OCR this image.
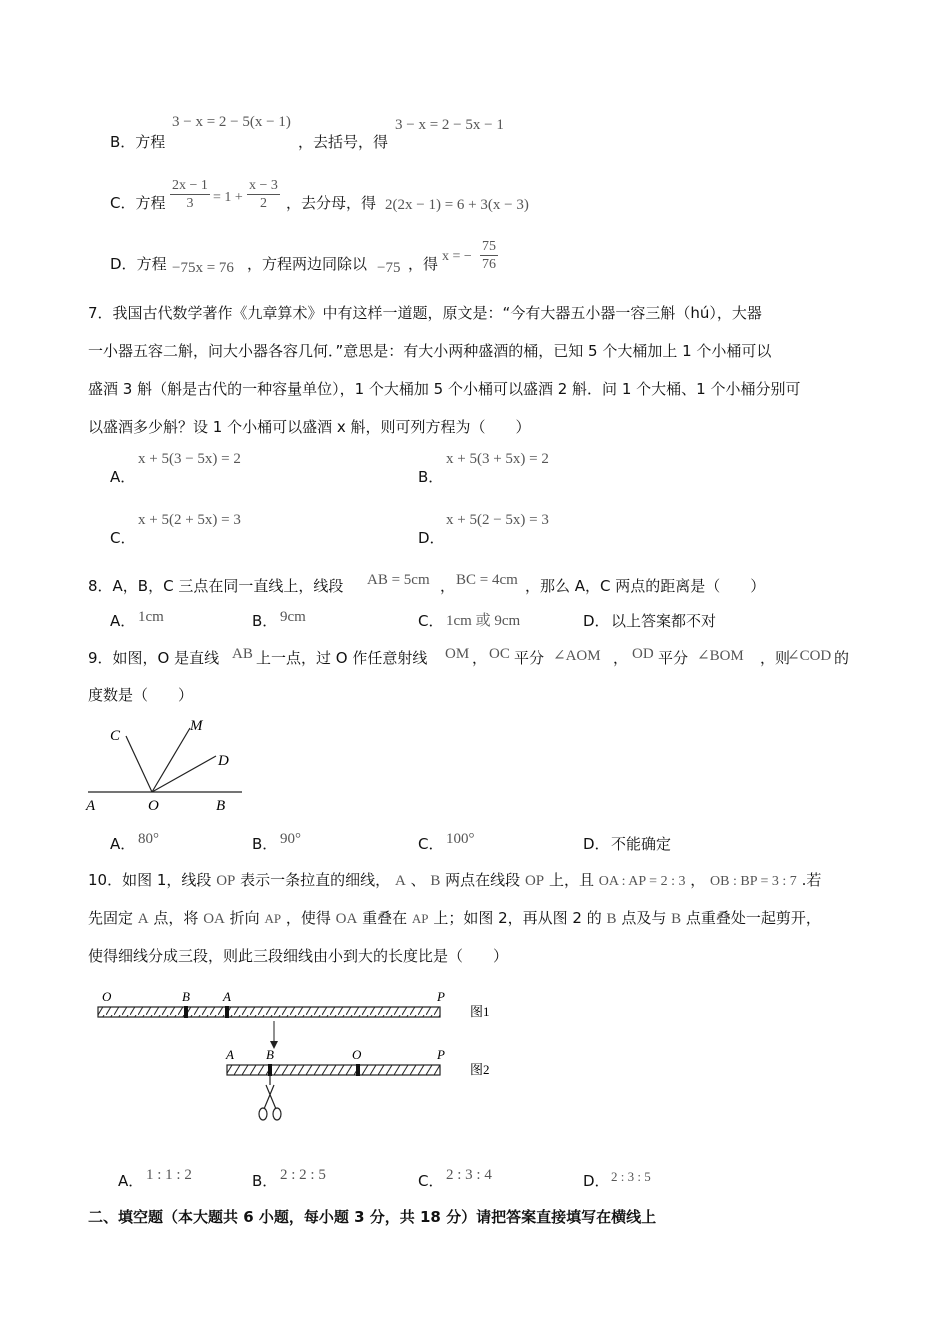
B．方程
3 − x = 2 − 5(x − 1)
，去括号，得
3 − x = 2 − 5x − 1
C．方程 $\frac{2x - 1}{3} = 1 + \frac{x - 3}{2}$ ，去分母，得 2(2x − 1) = 6 + 3(x − 3)
D．方程 −75x = 76 ，方程两边同除以 −75 ，得 x = − $\frac{75}{76}$
7．我国古代数学著作《九章算术》中有这样一道题，原文是：“今有大器五小器一容三斛（hú），大器
一小器五容二斛，问大小器各容几何．”意思是：有大小两种盛酒的桶，已知 5 个大桶加上 1 个小桶可以
盛酒 3 斛（斛是古代的一种容量单位），1 个大桶加 5 个小桶可以盛酒 2 斛．问 1 个大桶、1 个小桶分别可
以盛酒多少斛？设 1 个小桶可以盛酒 x 斛，则可列方程为（　　）
A．
x + 5(3 − 5x) = 2
B．
x + 5(3 + 5x) = 2
C．
x + 5(2 + 5x) = 3
D．
x + 5(2 − 5x) = 3
8．A，B，C 三点在同一直线上，线段 AB = 5cm ， BC = 4cm ，那么 A，C 两点的距离是（　　）
A． 1cm	B． 9cm	C． 1cm 或 9cm	D． 以上答案都不对
9．如图，O 是直线 AB 上一点，过 O 作任意射线 OM ， OC 平分 ∠AOM ， OD 平分 ∠BOM ，则
∠COD 的
度数是（　　）
A	O	B
C
M
D
A． 80°	B． 90°	C． 100°	D． 不能确定
10．如图 1，线段 OP 表示一条拉直的细线， A 、 B 两点在线段 OP 上，且 OA : AP = 2 : 3 ， OB : BP = 3 : 7 .若
先固定 A 点，将 OA 折向 AP ，使得 OA 重叠在 AP 上；如图 2，再从图 2 的 B 点及与 B 点重叠处一起剪开，
使得细线分成三段，则此三段细线由小到大的长度比是（　　）
O	B	A	P
图1
A B	O	P
图2
A． 1 : 1 : 2	B． 2 : 2 : 5	C． 2 : 3 : 4	D． 2 : 3 : 5
二、填空题（本大题共 6 小题，每小题 3 分，共 18 分）请把答案直接填写在横线上
